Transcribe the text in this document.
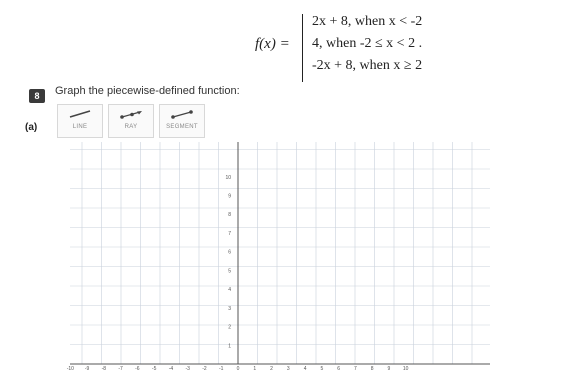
8	Graph the piecewise-defined function:
f(x) =
2x + 8, when x < -2
4, when -2 ≤ x < 2 .
-2x + 8, when x ≥ 2
(a)	LINE	RAY	SEGMENT
-10 -9 -8 -7 -6 -5 -4 -3 -2 -1	0	1	2	3	4	5	6	7	8	9	10
1
2
3
4
5
6
7
8
9
10
